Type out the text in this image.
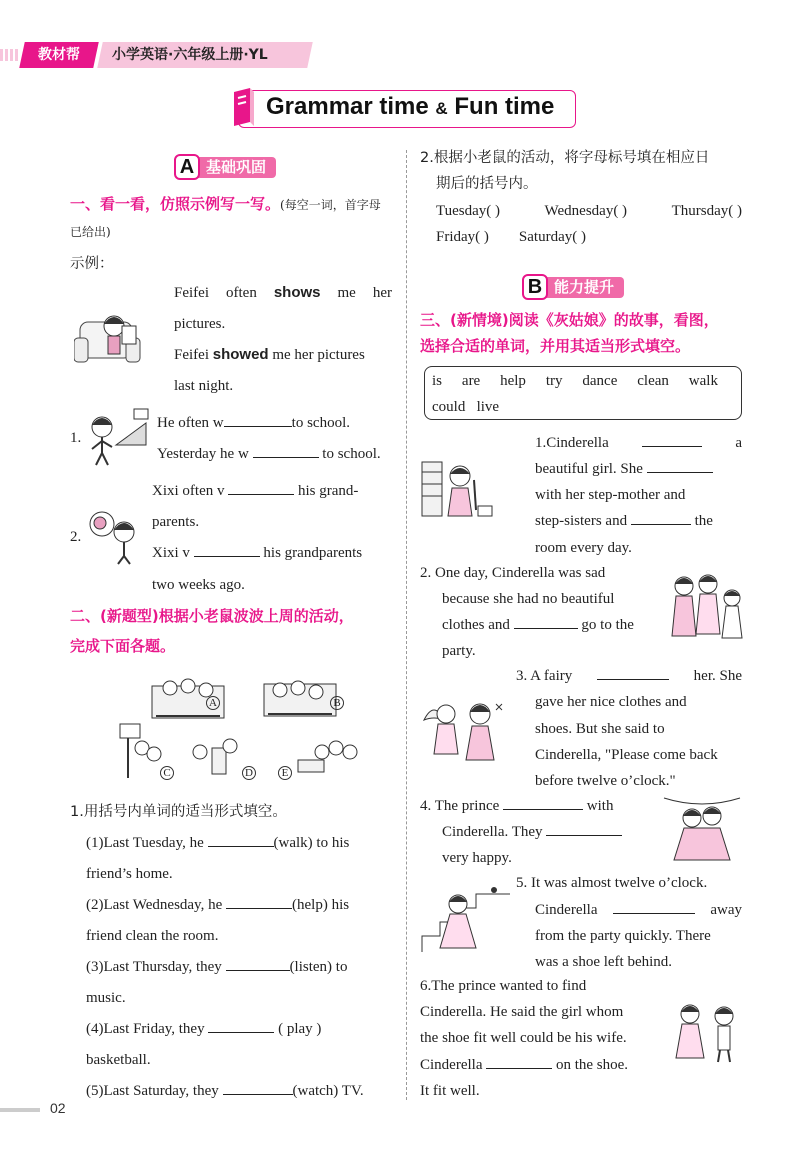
教材帮	小学英语·六年级上册·YL
Grammar time & Fun time
基础巩固
A
一、看一看，仿照示例写一写。(每空一词，首字母
已给出)
示例：
Feifei often shows me her
pictures.
Feifei showed me her pictures
last night.
1.
He often w	to school.
Yesterday he w	to school.
2.
Xixi often v	his grand-
parents.
Xixi v	his grandparents
two weeks ago.
二、(新题型)根据小老鼠波波上周的活动，
完成下面各题。
A	B
C	D	E
1.用括号内单词的适当形式填空。
(1)Last Tuesday, he	(walk) to his
friend’s home.
(2)Last Wednesday, he	(help) his
friend clean the room.
(3)Last Thursday, they	(listen) to
music.
(4)Last Friday, they	( play )
basketball.
(5)Last Saturday, they	(watch) TV.
2.根据小老鼠的活动，将字母标号填在相应日
期后的括号内。
Tuesday( )	Wednesday( )	Thursday( )
Friday( ) Saturday( )
能力提升
B
三、(新情境)阅读《灰姑娘》的故事，看图，
选择合适的单词，并用其适当形式填空。
is are help try dance clean walk
could live
1.Cinderella	a
beautiful girl. She
with her step-mother and
step-sisters and	the
room every day.
2. One day, Cinderella was sad
because she had no beautiful
clothes and	go to the
party.
3. A fairy	her. She
gave her nice clothes and
shoes. But she said to
Cinderella, "Please come back
before twelve o’clock."
4. The prince	with
Cinderella. They
very happy.
5. It was almost twelve o’clock.
Cinderella	away
from the party quickly. There
was a shoe left behind.
6.The prince wanted to find
Cinderella. He said the girl whom
the shoe fit well could be his wife.
Cinderella	on the shoe.
It fit well.
02
